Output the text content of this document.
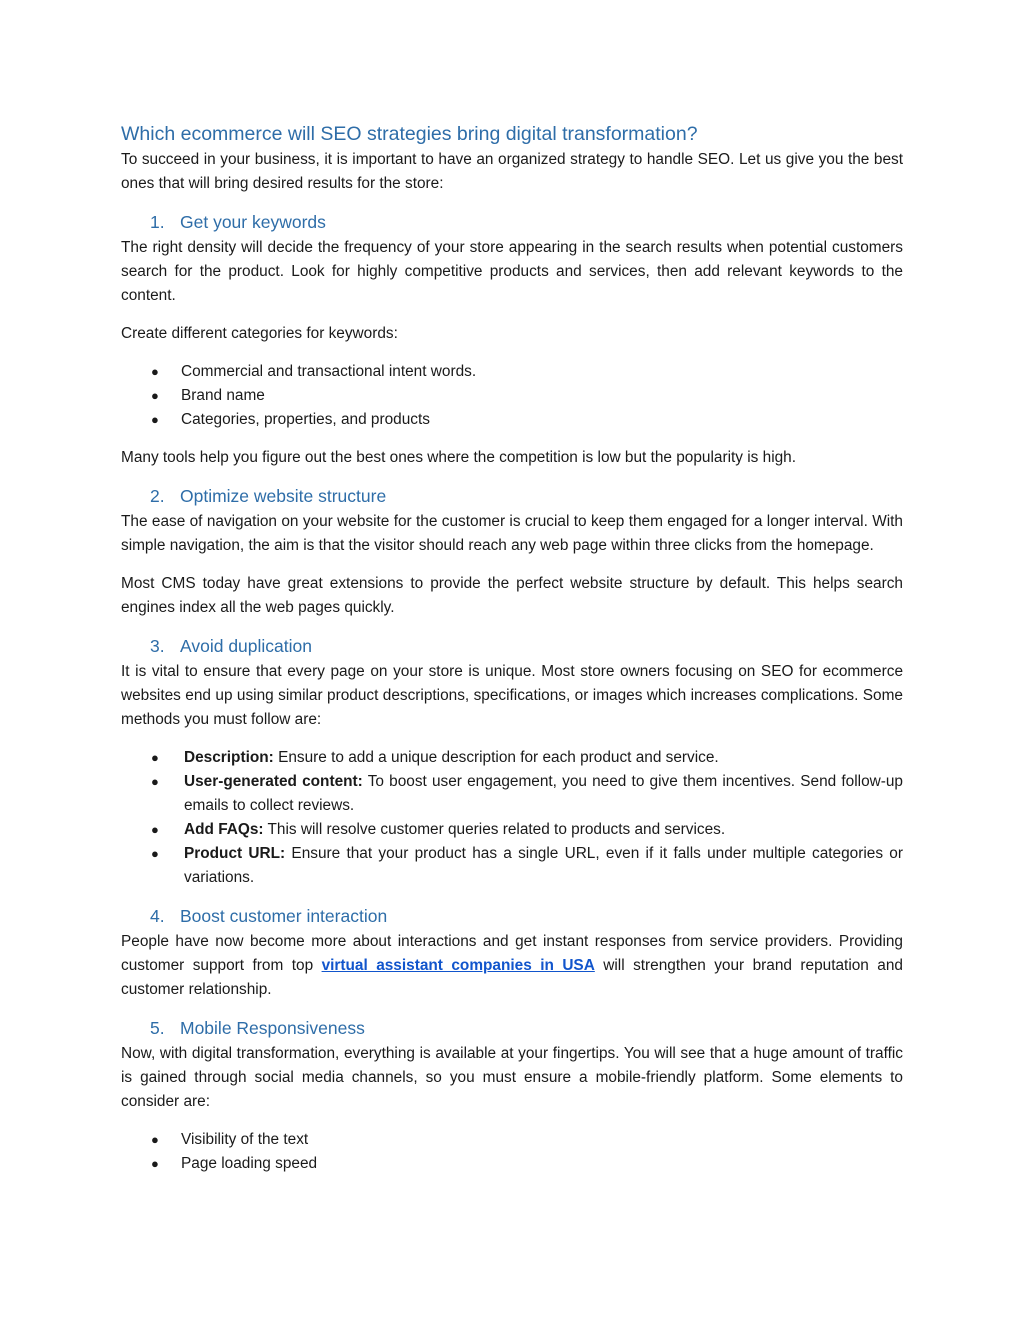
Which ecommerce will SEO strategies bring digital transformation?

To succeed in your business, it is important to have an organized strategy to handle SEO. Let us give you the best ones that will bring desired results for the store:

1. Get your keywords

The right density will decide the frequency of your store appearing in the search results when potential customers search for the product. Look for highly competitive products and services, then add relevant keywords to the content.

Create different categories for keywords:

●	Commercial and transactional intent words.
●	Brand name
●	Categories, properties, and products

Many tools help you figure out the best ones where the competition is low but the popularity is high.

2. Optimize website structure

The ease of navigation on your website for the customer is crucial to keep them engaged for a longer interval. With simple navigation, the aim is that the visitor should reach any web page within three clicks from the homepage.

Most CMS today have great extensions to provide the perfect website structure by default. This helps search engines index all the web pages quickly.

3. Avoid duplication

It is vital to ensure that every page on your store is unique. Most store owners focusing on SEO for ecommerce websites end up using similar product descriptions, specifications, or images which increases complications. Some methods you must follow are:

●	Description: Ensure to add a unique description for each product and service.
●	User-generated content: To boost user engagement, you need to give them incentives. Send follow-up emails to collect reviews.
●	Add FAQs: This will resolve customer queries related to products and services.
●	Product URL: Ensure that your product has a single URL, even if it falls under multiple categories or variations.
4. Boost customer interaction

People have now become more about interactions and get instant responses from service providers. Providing customer support from top virtual assistant companies in USA will strengthen your brand reputation and customer relationship.

5. Mobile Responsiveness

Now, with digital transformation, everything is available at your fingertips. You will see that a huge amount of traffic is gained through social media channels, so you must ensure a mobile-friendly platform. Some elements to consider are:

●	Visibility of the text
●	Page loading speed
